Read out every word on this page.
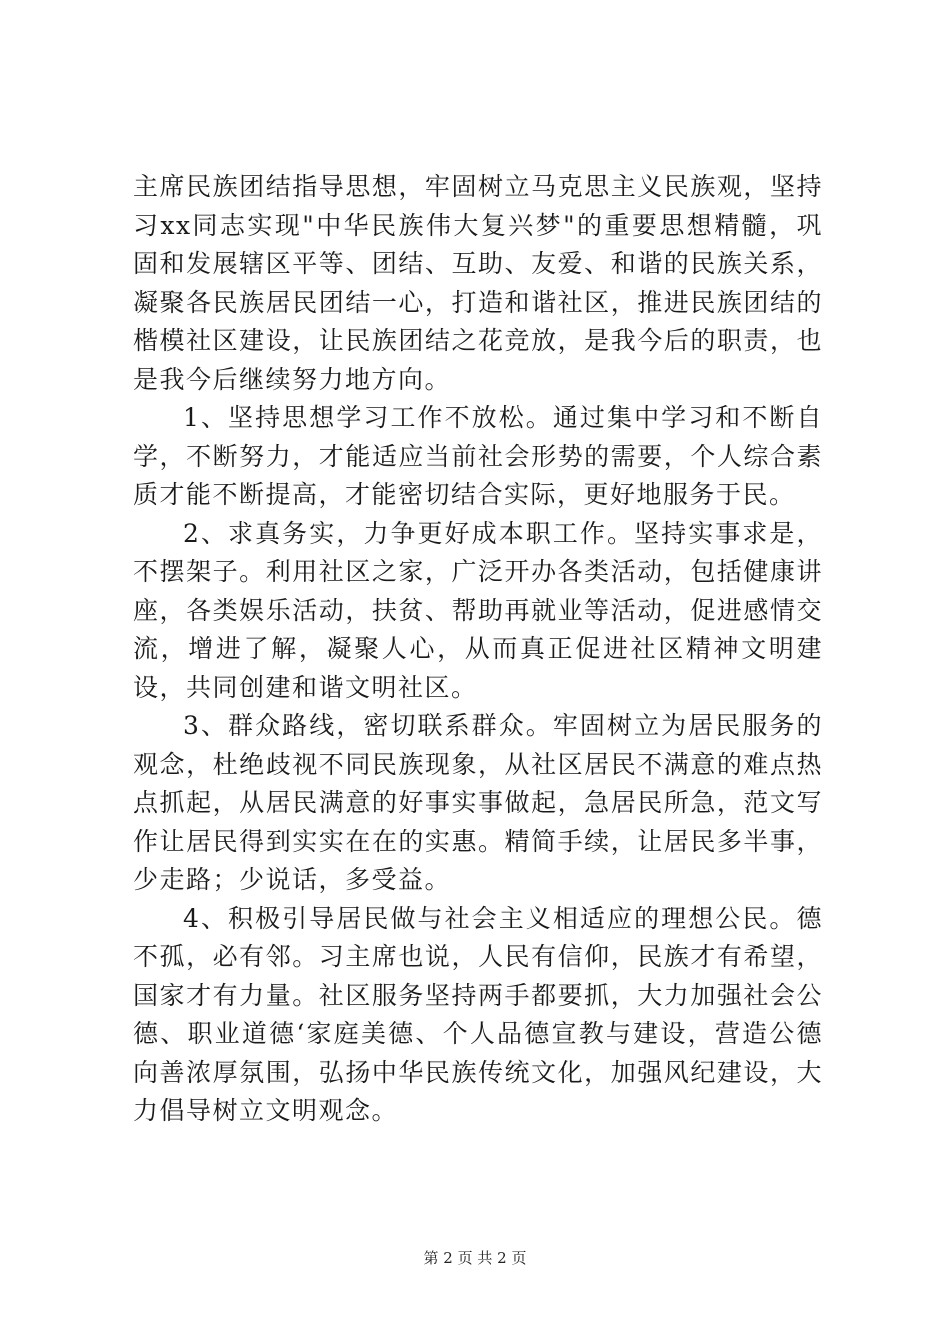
主席民族团结指导思想，牢固树立马克思主义民族观，坚持习xx同志实现"中华民族伟大复兴梦"的重要思想精髓，巩固和发展辖区平等、团结、互助、友爱、和谐的民族关系，凝聚各民族居民团结一心，打造和谐社区，推进民族团结的楷模社区建设，让民族团结之花竞放，是我今后的职责，也是我今后继续努力地方向。

1、坚持思想学习工作不放松。通过集中学习和不断自学，不断努力，才能适应当前社会形势的需要，个人综合素质才能不断提高，才能密切结合实际，更好地服务于民。

2、求真务实，力争更好成本职工作。坚持实事求是，不摆架子。利用社区之家，广泛开办各类活动，包括健康讲座，各类娱乐活动，扶贫、帮助再就业等活动，促进感情交流，增进了解，凝聚人心，从而真正促进社区精神文明建设，共同创建和谐文明社区。

3、群众路线，密切联系群众。牢固树立为居民服务的观念，杜绝歧视不同民族现象，从社区居民不满意的难点热点抓起，从居民满意的好事实事做起，急居民所急，范文写作让居民得到实实在在的实惠。精简手续，让居民多半事，少走路；少说话，多受益。

4、积极引导居民做与社会主义相适应的理想公民。德不孤，必有邻。习主席也说，人民有信仰，民族才有希望，国家才有力量。社区服务坚持两手都要抓，大力加强社会公德、职业道德‘家庭美德、个人品德宣教与建设，营造公德向善浓厚氛围，弘扬中华民族传统文化，加强风纪建设，大力倡导树立文明观念。

第 2 页 共 2 页
